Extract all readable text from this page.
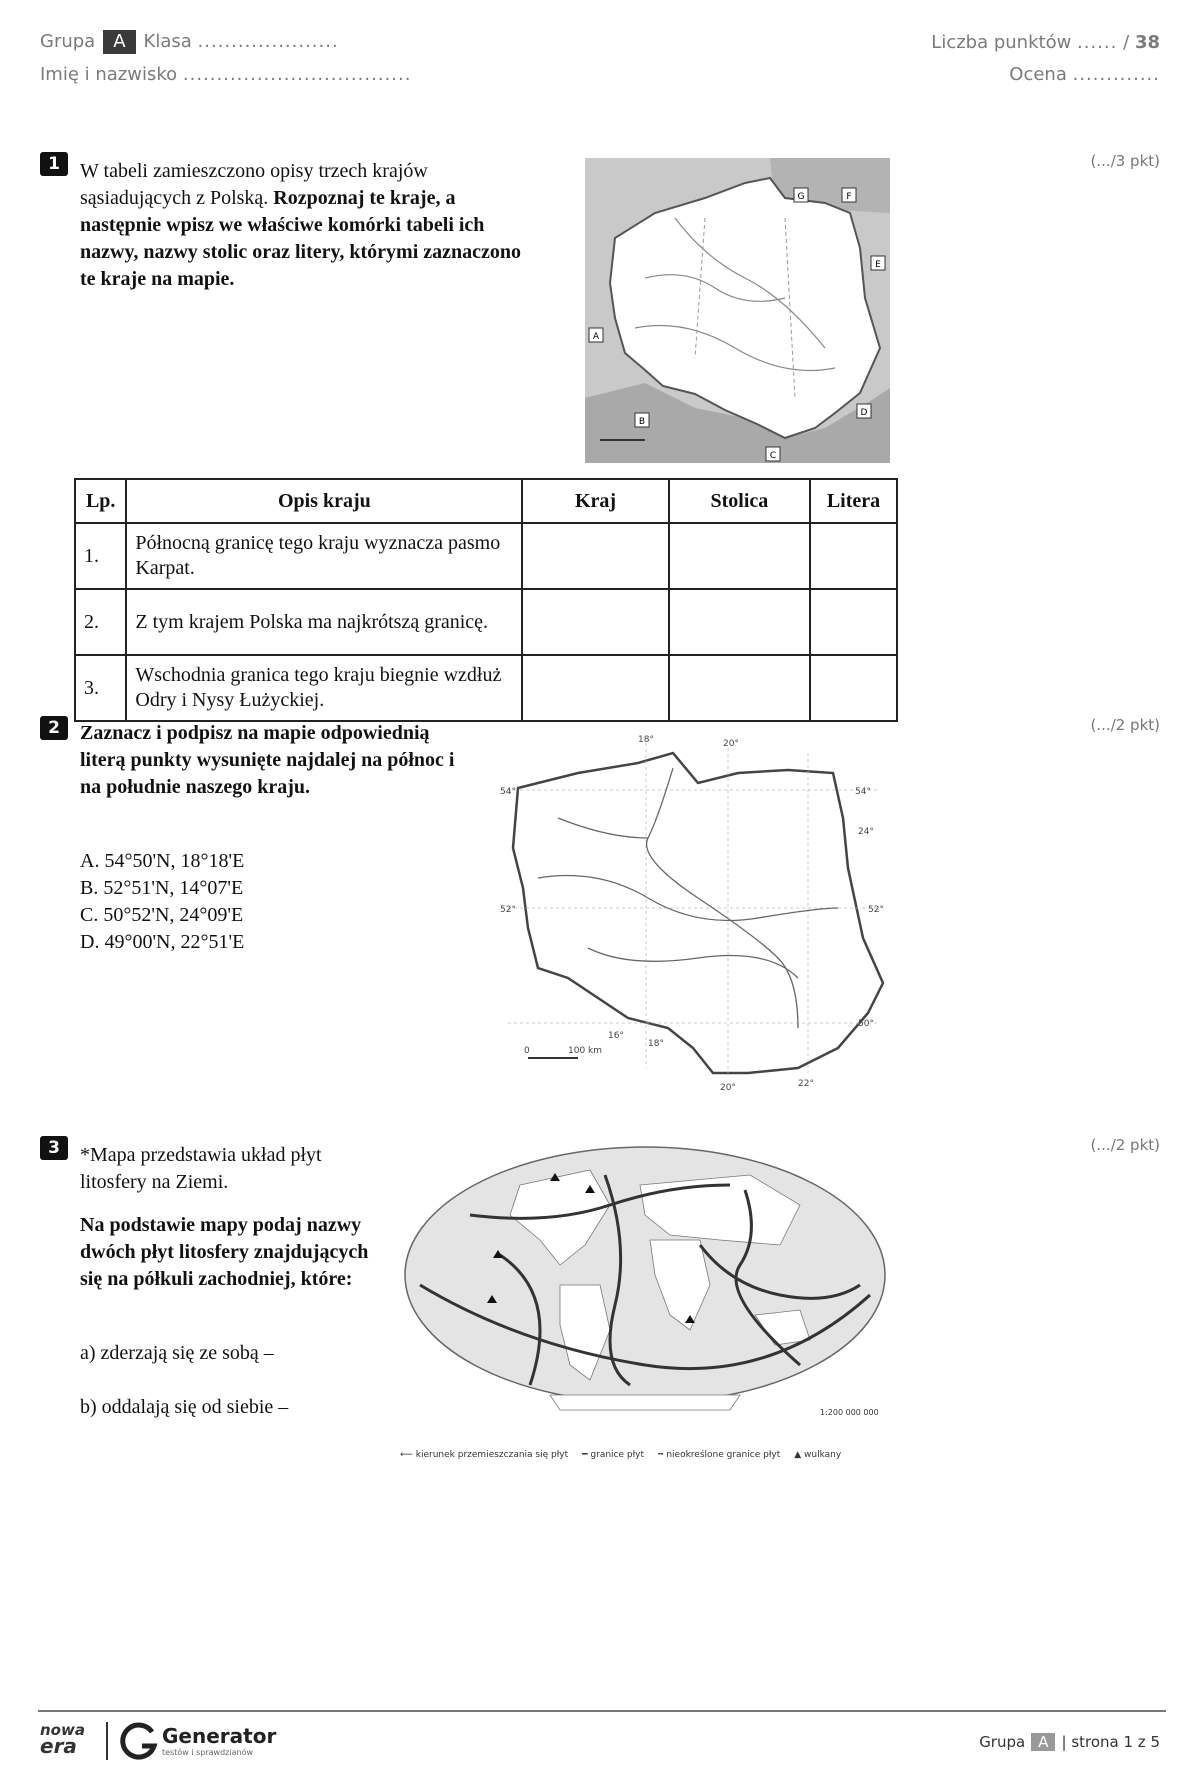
Grupa A Klasa .....................
Imię i nazwisko ..................................
Liczba punktów ...... / 38
Ocena .............
1	(.../3 pkt)
W tabeli zamieszczono opisy trzech krajów sąsiadujących z Polską. Rozpoznaj te kraje, a następnie wpisz we właściwe komórki tabeli ich nazwy, nazwy stolic oraz litery, którymi zaznaczono te kraje na mapie.
G	F
E
A
B
C
D
Lp.	Opis kraju	Kraj	Stolica	Litera
1.	Północną granicę tego kraju wyznacza pasmo Karpat.			
2.	Z tym krajem Polska ma najkrótszą granicę.			
3.	Wschodnia granica tego kraju biegnie wzdłuż Odry i Nysy Łużyckiej.			
2	(.../2 pkt)
Zaznacz i podpisz na mapie odpowiednią literą punkty wysunięte najdalej na północ i na południe naszego kraju.
A. 54°50'N, 18°18'E
B. 52°51'N, 14°07'E
C. 50°52'N, 24°09'E
D. 49°00'N, 22°51'E
18°	20°
54°	54°
52°	52°
50°
16°
18°
20°	22°
24°
0	100 km
3	(.../2 pkt)
*Mapa przedstawia układ płyt litosfery na Ziemi.
Na podstawie mapy podaj nazwy dwóch płyt litosfery znajdujących się na półkuli zachodniej, które:
a) zderzają się ze sobą –
b) oddalają się od siebie –	1:200 000 000
⟵ kierunek przemieszczania się płyt ━ granice płyt ╍ nieokreślone granice płyt ▲ wulkany
nowa
era	Generator
testów i sprawdzianów
Grupa A | strona 1 z 5
